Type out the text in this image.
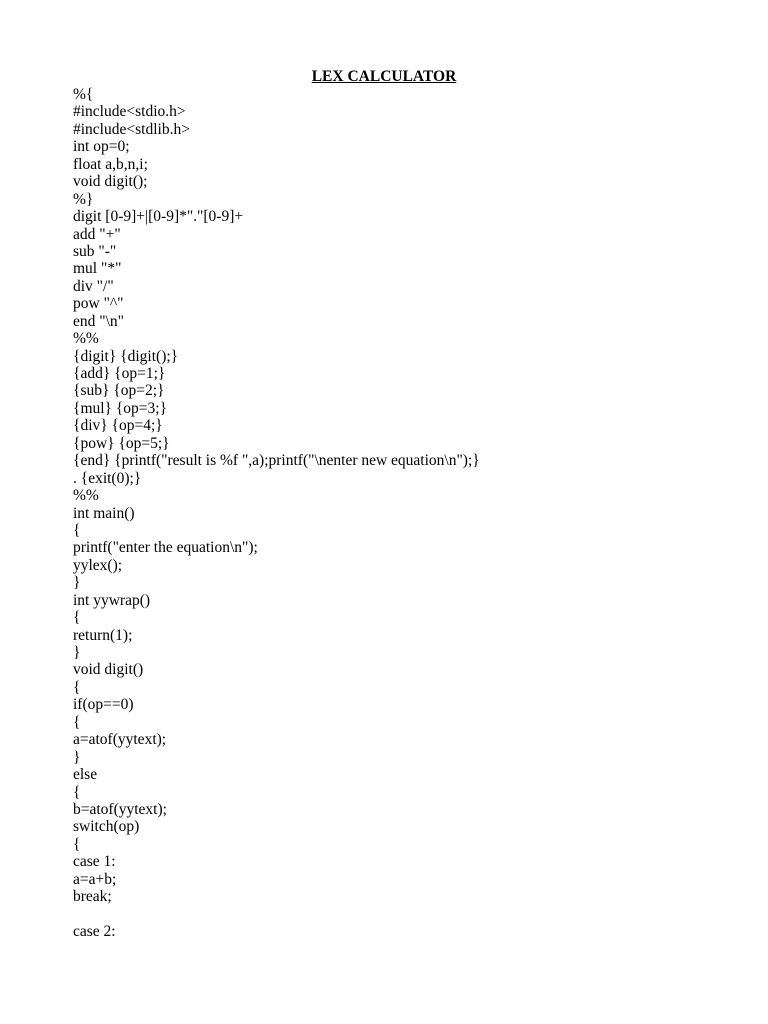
LEX CALCULATOR
%{
#include<stdio.h>
#include<stdlib.h>
int op=0;
float a,b,n,i;
void digit();
%}
digit [0-9]+|[0-9]*"."[0-9]+
add "+"
sub "-"
mul "*"
div "/"
pow "^"
end "\n"
%%
{digit} {digit();}
{add} {op=1;}
{sub} {op=2;}
{mul} {op=3;}
{div} {op=4;}
{pow} {op=5;}
{end} {printf("result is %f ",a);printf("\nenter new equation\n");}
. {exit(0);}
%%
int main()
{
printf("enter the equation\n");
yylex();
}
int yywrap()
{
return(1);
}
void digit()
{
if(op==0)
{
a=atof(yytext);
}
else
{
b=atof(yytext);
switch(op)
{
case 1:
a=a+b;
break;
case 2:
